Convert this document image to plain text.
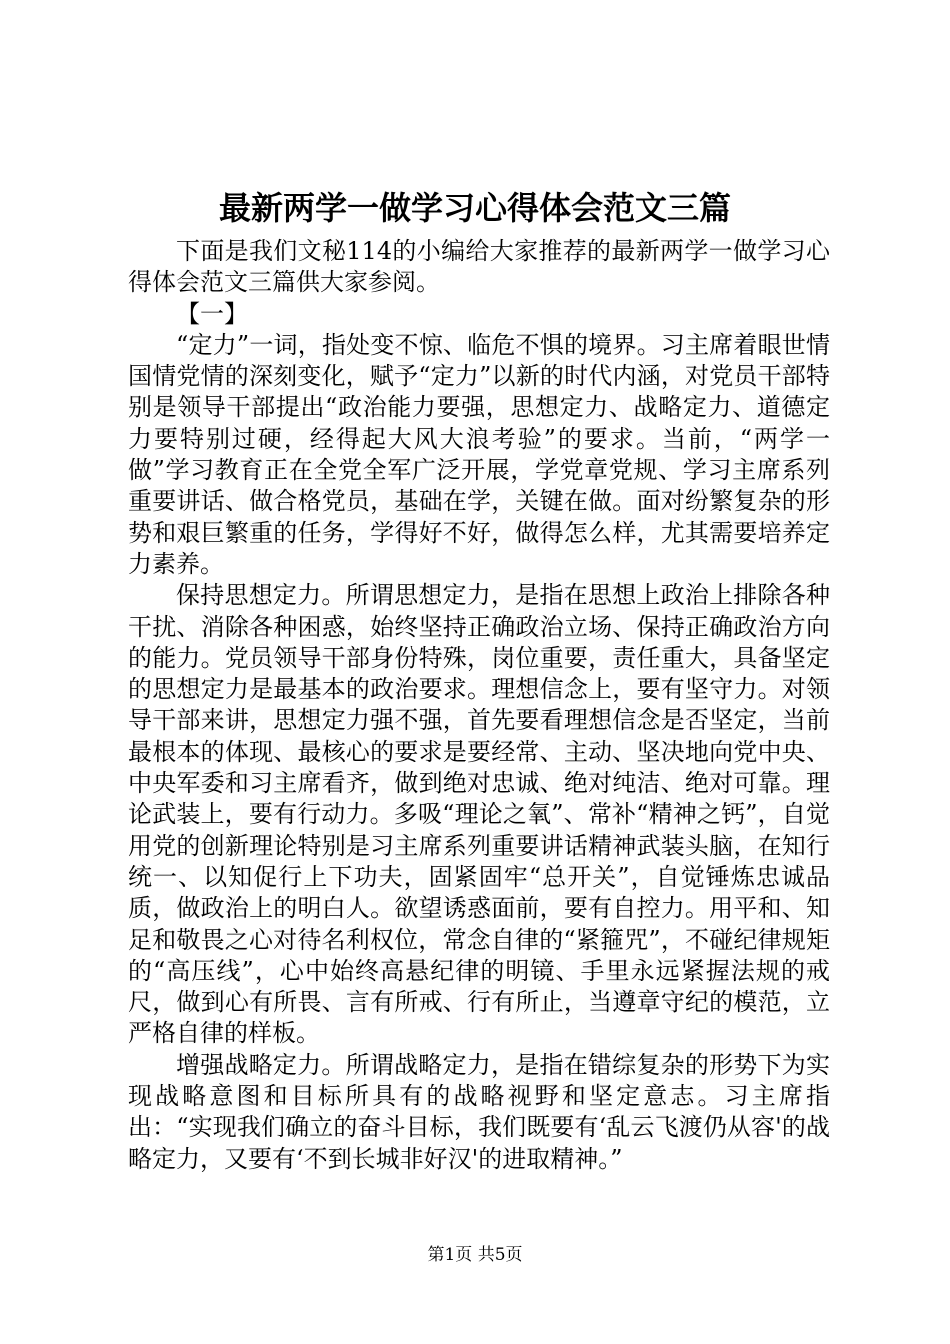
最新两学一做学习心得体会范文三篇

下面是我们文秘114的小编给大家推荐的最新两学一做学习心得体会范文三篇供大家参阅。

【一】

“定力”一词，指处变不惊、临危不惧的境界。习主席着眼世情国情党情的深刻变化，赋予“定力”以新的时代内涵，对党员干部特别是领导干部提出“政治能力要强，思想定力、战略定力、道德定力要特别过硬，经得起大风大浪考验”的要求。当前，“两学一做”学习教育正在全党全军广泛开展，学党章党规、学习主席系列重要讲话、做合格党员，基础在学，关键在做。面对纷繁复杂的形势和艰巨繁重的任务，学得好不好，做得怎么样，尤其需要培养定力素养。

保持思想定力。所谓思想定力，是指在思想上政治上排除各种干扰、消除各种困惑，始终坚持正确政治立场、保持正确政治方向的能力。党员领导干部身份特殊，岗位重要，责任重大，具备坚定的思想定力是最基本的政治要求。理想信念上，要有坚守力。对领导干部来讲，思想定力强不强，首先要看理想信念是否坚定，当前最根本的体现、最核心的要求是要经常、主动、坚决地向党中央、中央军委和习主席看齐，做到绝对忠诚、绝对纯洁、绝对可靠。理论武装上，要有行动力。多吸“理论之氧”、常补“精神之钙”，自觉用党的创新理论特别是习主席系列重要讲话精神武装头脑，在知行统一、以知促行上下功夫，固紧固牢“总开关”，自觉锤炼忠诚品质，做政治上的明白人。欲望诱惑面前，要有自控力。用平和、知足和敬畏之心对待名利权位，常念自律的“紧箍咒”，不碰纪律规矩的“高压线”，心中始终高悬纪律的明镜、手里永远紧握法规的戒尺，做到心有所畏、言有所戒、行有所止，当遵章守纪的模范，立严格自律的样板。

增强战略定力。所谓战略定力，是指在错综复杂的形势下为实现战略意图和目标所具有的战略视野和坚定意志。习主席指出：“实现我们确立的奋斗目标，我们既要有‘乱云飞渡仍从容'的战略定力，又要有‘不到长城非好汉'的进取精神。”

第1页 共5页
